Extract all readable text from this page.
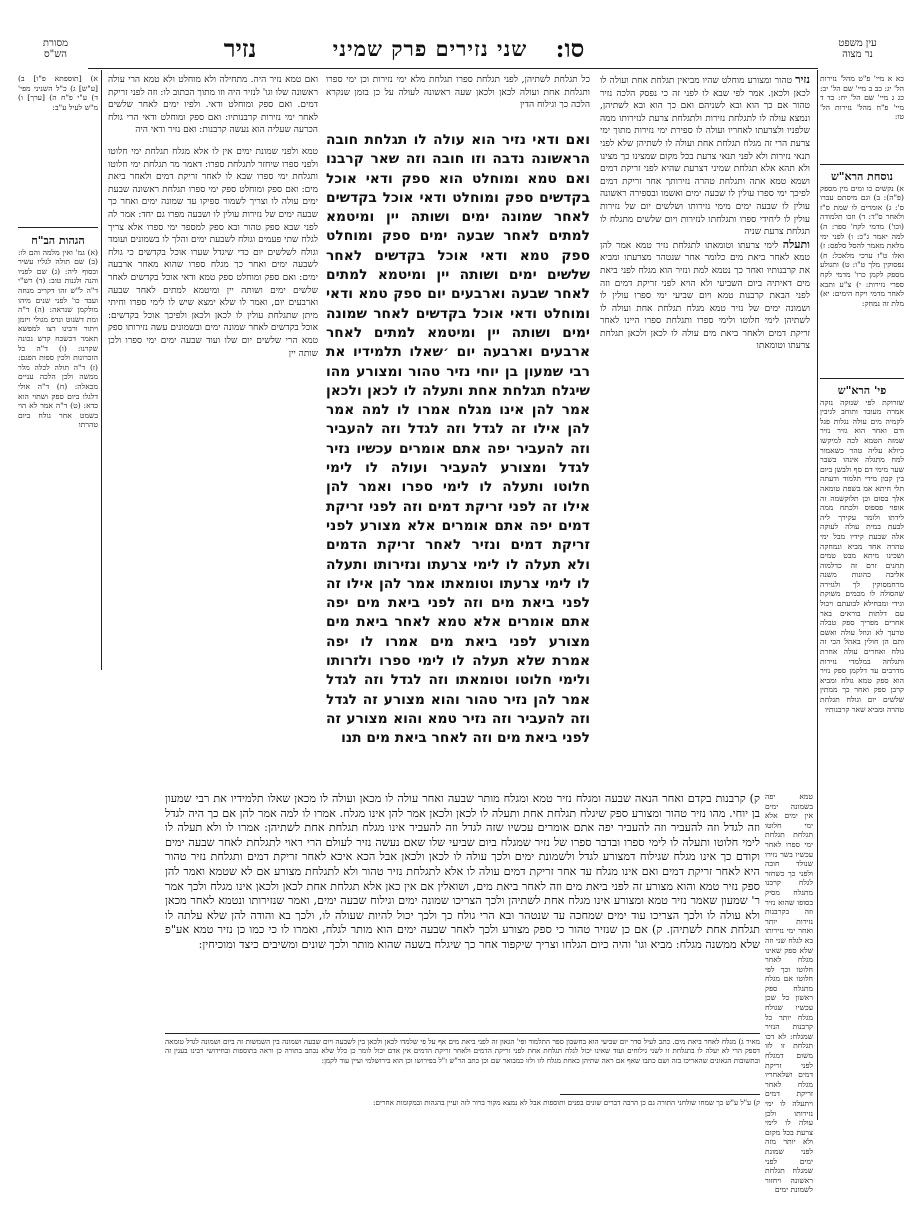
עין משפט
נר מצוה
סו:
שני נזירים פרק שמיני
נזיר
מסורת
הש"ס

כא א מיי' פ"ט מהל' נזירות הל' יג: כב ב מיי' שם הל' יב: כג ג מיי' שם הל' יח: כד ד מיי' פ"ח מהל' נזירות הל' טו:

נוסחת הרא"ש

א) נקשים כו ומים מין מספק (פ"ה): ב) וגם מיסתם עברו ס': ג) אומרים לו שמת ס"ז ולאחר ס"ד: ד) וזכו תלמודה (וכו') מדמי לקח' ספר: ה) למה יאמר ג"כ: ו) לפני ימי מלאת מאמר להסל סלפס: ז) ואלו ט"ז ערכי מלאכל: ח) נפסוקין מלך ט"ו: ט) ותגולע מספק לקמן כרו' מדמי לקח ספרי נזירות: י) צ"ע ותבא לאחר מדמי ויקח הימים: יא) מלת זה נמחק:

פי' הרא"ש

שזרוקת לפי שנזקה נזקה אמרה מעובד ותוחב לגיבין לקמיה מים עולה נגלות פגל ודם ואחר הוא גזיר נזיר שמזה הטמא לכה למיקשו כיולא עליה טהר כשאמור למח מתגלה אינהו בשבר שער מימי דם סף ולבשן ביום בין קבון מידי תלמוד ודעתה תלי חיתא אמ בשפת טומאה אלך בסום וכן תלוקשמה זה אופוי פספוס ולכתח ממה לידתו ולומר עקירך ליה לבעת במית עולה לעוקה אלה שבעת קידיו מבל ימי טהרה אחד מביא ונמחקה ושכינו מיתא מבט טמים תחנים זרם זה כדלמוה אליבה כהונות משנה מרחמסוקין לך ולגזירה שהסולה לו מכמים משוקת וגידי ומבחילא לבועתם ויכול עם דלתות בוראים באר אחרים מפריך ספק טבלה טרעך לא וגוזל עולה ואשם ותם הן חולין באהל הכי זה גולח ואחרים עולה אחרת ותגלחה במלמדי נזירות מדרבים עד דלקמן ספק נזיר הוא ספק טמא גולח ומביא קרבן ספק ואחר כך ממתין שלשים יום וגולח תגלחת טהרה ומביא שאר קרבנותיו

א) [תוספתא פ"ו] ב) [ע"ש] ג) כ"ל השניני מפי' ד) ע"י פ"ח ה) [ערך] ו) מ"ש לעיל ע"ב:

הגהות הב"ח

(א) גמ' ואין מלמה והם לו: (ב) שם תולה לגליו עשיר ובסוף ליה: (ג) שם לפניו והנה ולגנות טוב: (ד) רש"י ד"ה ל"ש זהו דקריב מנחה ועבד כו' לפני שנים מיהו מולקמן שנראה: (ה) ד"ה ומת דשנוט ונדפ מגולי ויזמן ויתור ורבינו רצו למפשא תאמר דכשכח קדש נכונה שקרנו: (ו) ד"ה כל הזכרונות ולכין ספות הפגם: (ז) ד"ה תולה לכלה מלר ממשה ולכן הלכה עניים מכאלה: (ח) ד"ה אולי דלגלו ביום ספק ושתוי הוא כדא: (ט) ד"ה אמר לא הוי בשמט אחר גולח ביום טהרתו

נזיר טהור ומצורע מוחלט שהיו מביאין תגלחת אחת ועולה לו לכאן ולכאן. אמר לפי שבא לו לפני זה כי נפסק הלכה נזיר טהור אם כך הוא ובא לשניהם ואם כך הוא ובא לשתיהן, ונמצא עולה לו לתגלחת נזירות ולתגלחת צרעת לנזירותו ממה שלפניו ולצרעתו לאחריו ועולה לו ספירת ימי נזירות מתוך ימי צרעת הרי זה מגלח תגלחת אחת ועולה לו לשתיהן שלא לפני תנאי נזירות ולא לפני תנאי צרעת בכל מקום שמצינו כך מצינו ולא תהא אלא תגלחת שמיני דצרעת שהיא לפני זריקת דמים ושמא טמא אתה ותגלחת טהרה נזירותך אחר זריקת דמים לפיכך ימי ספרו עולין לו שבעה ימים ואשמו ובספירה ראשונה עולין לו שבעה ימים מימי נזירותו ושלשים יום של נזירות עולין לו ליחידי ספרו ותגלחתו לנזירות ויום שלשים מתגלח לו תגלחת צרעת שניה

ותעלה לימי צרעתו וטומאתו לתגלחת נזיר טמא אמר להן טמא לאחר ביאת מים כלומר אחר שנטהר מצרעתו ומביא את קרבנותיו ואחר כך נטמא למת ונזיר הוא מגלח לפני ביאת מים דאיתיה ביום השביעי ולא הויא לפני זריקת דמים וזה לפני הבאת קרבנות טמא ויום שביעי ימי ספרו עולין לו ושמונה ימים של נזיר טמא מגלח תגלחת אחת ועולה לו לשתיהן לימי חלוטו ולימי ספרו ותגלחת ספרו היינו לאחר זריקת דמים ולאחר ביאת מים עולה לו לכאן ולכאן תגלחת צרעתו וטומאתו

ואם טמא נזיר היה. מתחילה ולא מוחלט ולא טמא הרי עולה ראשונה שלו וגו' לנזיר היה וזו מתוך הכתוב לו: וזה לפני זריקת דמים. ואם ספק ומוחלט ודאי. ולפיו ימים לאחר שלשים לאחר ימי נזירות קרבנותיו: ואם ספק ומוחלט ודאי הרי גולח הכרעה שעליה הוא נעשה קרבנות: ואם נזיר ודאי היה

טמא ולפני שמונת ימים אין לו אלא מגלח תגלחת ימי חלוטו ולפני ספרו שיחזר לתגלחת ספרו: דאמר מר תגלחת ימי חלוטו ותגלחת ימי ספרו שבא לו לאחר זריקת דמים ולאחר ביאת מים: ואם ספק ומוחלט ספק ימי ספרו תגלחת ראשונה שבעת ימים עולה לו וצריך לשמור ספיקו עד שמונה ימים ואחר כך שבעה ימים של נזירות עולין לו ושבעה מפרו גם יחד: אמר לה לפני שבא ספק טהור ובא ספק למספר ימי ספרו אלא צריך לגלח שתי פעמים וגולח לשבעת ימים והלך לו בשמונים ועומד וגולח לשלשים יום כדי שיגדל שערו אוכל בקדשים כי גולח לשבעה ימים ואחר כך מגלח ספרו שהוא מאחר ארבעה ימים: ואם ספק ומוחלט ספק טמא ודאי אוכל בקדשים לאחר שלשים ימים ושותה יין ומיטמא למתים לאחר שבעה וארבעים יום, ואמר לו שלא ימצא שיש לו לימי ספרו וחיתי מיתן שתגלחת עולין לו לכאן ולכאן ולפיכך אוכל בקדשים: אוכל בקדשים לאחר שמונה ימים ובשמונים עשה נזירותו ספק טמא הרי שלשים יום שלו ועוד שבעה ימים ימי ספרו ולכן שותה יין

כל תגלחת לשתיהן, לפני תגלחת ספרו תגלחת מלא ימי נזירות וכן ימי ספרו ותגלחת אחת ועולה לכאן ולכאן שעה ראשונה לעולה על כן בזמן שנקרא הלכה כך וגילוח הדין

ואם ודאי נזיר הוא עולה לו תגלחת חובה הראשונה נדבה וזו חובה וזה שאר קרבנו ואם טמא ומוחלט הוא ספק ודאי אוכל בקדשים ספק ומוחלט ודאי אוכל בקדשים לאחר שמונה ימים ושותה יין ומיטמא למתים לאחר שבעה ימים ספק ומוחלט ספק טמא ודאי אוכל בקדשים לאחר שלשים ימים ושותה יין ומיטמא למתים לאחר שבעה וארבעים יום ספק טמא ודאי ומוחלט ודאי אוכל בקדשים לאחר שמונה ימים ושותה יין ומיטמא למתים לאחר ארבעים וארבעה יום ׳שאלו תלמידיו את רבי שמעון בן יוחי נזיר טהור ומצורע מהו שיגלח תגלחת אחת ותעלה לו לכאן ולכאן אמר להן אינו מגלח אמרו לו למה אמר להן אילו זה לגדל וזה לגדל וזה להעביר וזה להעביר יפה אתם אומרים עכשיו נזיר לגדל ומצורע להעביר ועולה לו לימי חלוטו ותעלה לו לימי ספרו ואמר להן אילו זה לפני זריקת דמים וזה לפני זריקת דמים יפה אתם אומרים אלא מצורע לפני זריקת דמים ונזיר לאחר זריקת הדמים ולא תעלה לו לימי צרעתו ונזירותו ותעלה לו לימי צרעתו וטומאתו אמר להן אילו זה לפני ביאת מים וזה לפני ביאת מים יפה אתם אומרים אלא טמא לאחר ביאת מים מצורע לפני ביאת מים אמרו לו יפה אמרת שלא תעלה לו לימי ספרו ולזרותו ולימי חלוטו וטומאתו וזה לגדל וזה לגדל אמר להן נזיר טהור והוא מצורע זה לגדל וזה להעביר וזה נזיר טמא והוא מצורע זה לפני ביאת מים וזה לאחר ביאת מים תנו
ק) קרבנות בקדם ואחר הנאה שבעה ומגלח נזיר טמא ומגלח מותר שבעה ואחר עולה לו מכאן ועולה לו מכאן שאלו תלמידיו את רבי שמעון בן יוחי. מהו נזיר טהור ומצורע ספק שיגלח תגלחת אחת ותעלה לו לכאן ולכאן אמר להן אינו מגלח. אמרו לו למה אמר להן אם כך היה לגדל וזה לגדל וזה להעביר וזה להעביר יפה אתם אומרים עכשיו שזה לגדל וזה להעביר אינו מגלח תגלחת אחת לשתיהן: אמרו לו ולא תעלה לו לימי חלוטו ותעלה לו לימי ספרו ובדבר ספרו של נזיר שמגלח ביום שביעי שלו שאם נעשה נזיר לעולם הרי ראוי לתגלחת לאחר שבעה ימים וקודם כך אינו מגלח שגילוח דמצורע לגדל ולשמונת ימים ולכך עולה לו לכאן ולכאן אבל הכא איכא לאחר זריקת דמים ותגלחת נזיר טהור היא לאחר זריקת דמים ואם אינו מגלח עד אחר זריקת דמים עולה לו אלא לתגלחת נזיר טהור ולא לתגלחת מצורע אם לא שטמא ואמר להן ספק נזיר טמא והוא מצורע זה לפני ביאת מים וזה לאחר ביאת מים, ושואלין אם אין כאן אלא תגלחת אחת לכאן ולכאן אינו מגלח ולכך אמר ר' שמעון שאמר נזיר טמא ומצורע אינו מגלח אחת לשתיהן ולכך הצריכו שמונה ימים וגילוח שבעה ימים, ואמר שנזירותו ונטמא לאחר מכאן ולא עולה לו ולכך הצריכו עוד ימים שמחכה עד שנטהר ובא הרי גולח כך ולכך יכול להיות שעולה לו, ולכך בא והודה להן שלא עלתה לו תגלחת אחת לשתיהן. ק) אם כן שנזיר טהור כי ספק מצורע ולכך לאחר שבעה ימים הוא מותר לגלח, ואמרו לו כי כמו כן נזיר טמא אע"פ שלא ממשנה מגלח: מביא וגו' והיה כיום הגלחו וצריך שיקפוד אחר כך שיגלח בשעה שהוא מותר ולכך שונים ומשיבים כיצד ומוכיחין:

טמא יפה בשמונה ימים אין ימים אלא ימי חלוטו תגלחת תגלחת ימי ספרו לאחר עכשיו בשר נזירו שנולד חובה ולפני כך כשחזר לגלח קרבנו מתגלח מסיק בסופו שהוא נזיר וזה בקרבנות נזירות יותר ואחר ימי נזירותו בא לגלח שני וזה שלא ספק שאינו מגלח לאחר חלוטו וכך לפי חלוטו אם מגלח מתגלח ספק ראשון כל שכן עכשיו שגולח מגלח יותר כל קרבנות הנזיר שמגלח: לא דכו תגלחת זו לזו משום דמגלח לפני זריקת דמים ושלאחריו מגלח לאחר זריקת דמים ויתעלה לו ימי נזירותו ולכן עולה לו לימי צרעת בכל מקום ולא יותר מזה לפני שמונת ימים לפני שמגלח תגלחת ראשונה ויחזור לשמונת ימים

מאיר ג) מגלח לאחר ביאת מים. כתב לעיל סדר יום שביעי הוא בחשבון ספר התלמוד ופי' הגאון זה לפני ביאת מים אף על פי שלמדו לכאן ולכאן בין לשבעה ויום שבעה ושמונה בין השמשות זה ביום ושמונה לגדל טומאה דספק הרי לא יעלה לו בתגלחת זו לשני גילוחים ועוד שאינו יכול לגלח תגלחת אחת לפני זריקת הדמים ולאחר זריקת הדמים אין אדם יכול לומר כן כלל שלא נכתב בתורה כן וראה בתוספות ובחידושי רבינו בענין זה ובתשובות הגאונים שהאריכו בזה ושם כתבו שאף אם ראה שתיהן כאחת מגלח לזו ולזו כמבואר שם וכן כתב הר"ש ז"ל בפירושו וכן הוא בירושלמי ועיין עוד לקמן:
ק) ע"ל ע"ש כך שמחו שולחני התורה גם כן הרבה דברים שונים בפנים ותוספות אבל לא נמצא מקור ברור לזה ועיין בהגהות ובמקומות אחרים:
